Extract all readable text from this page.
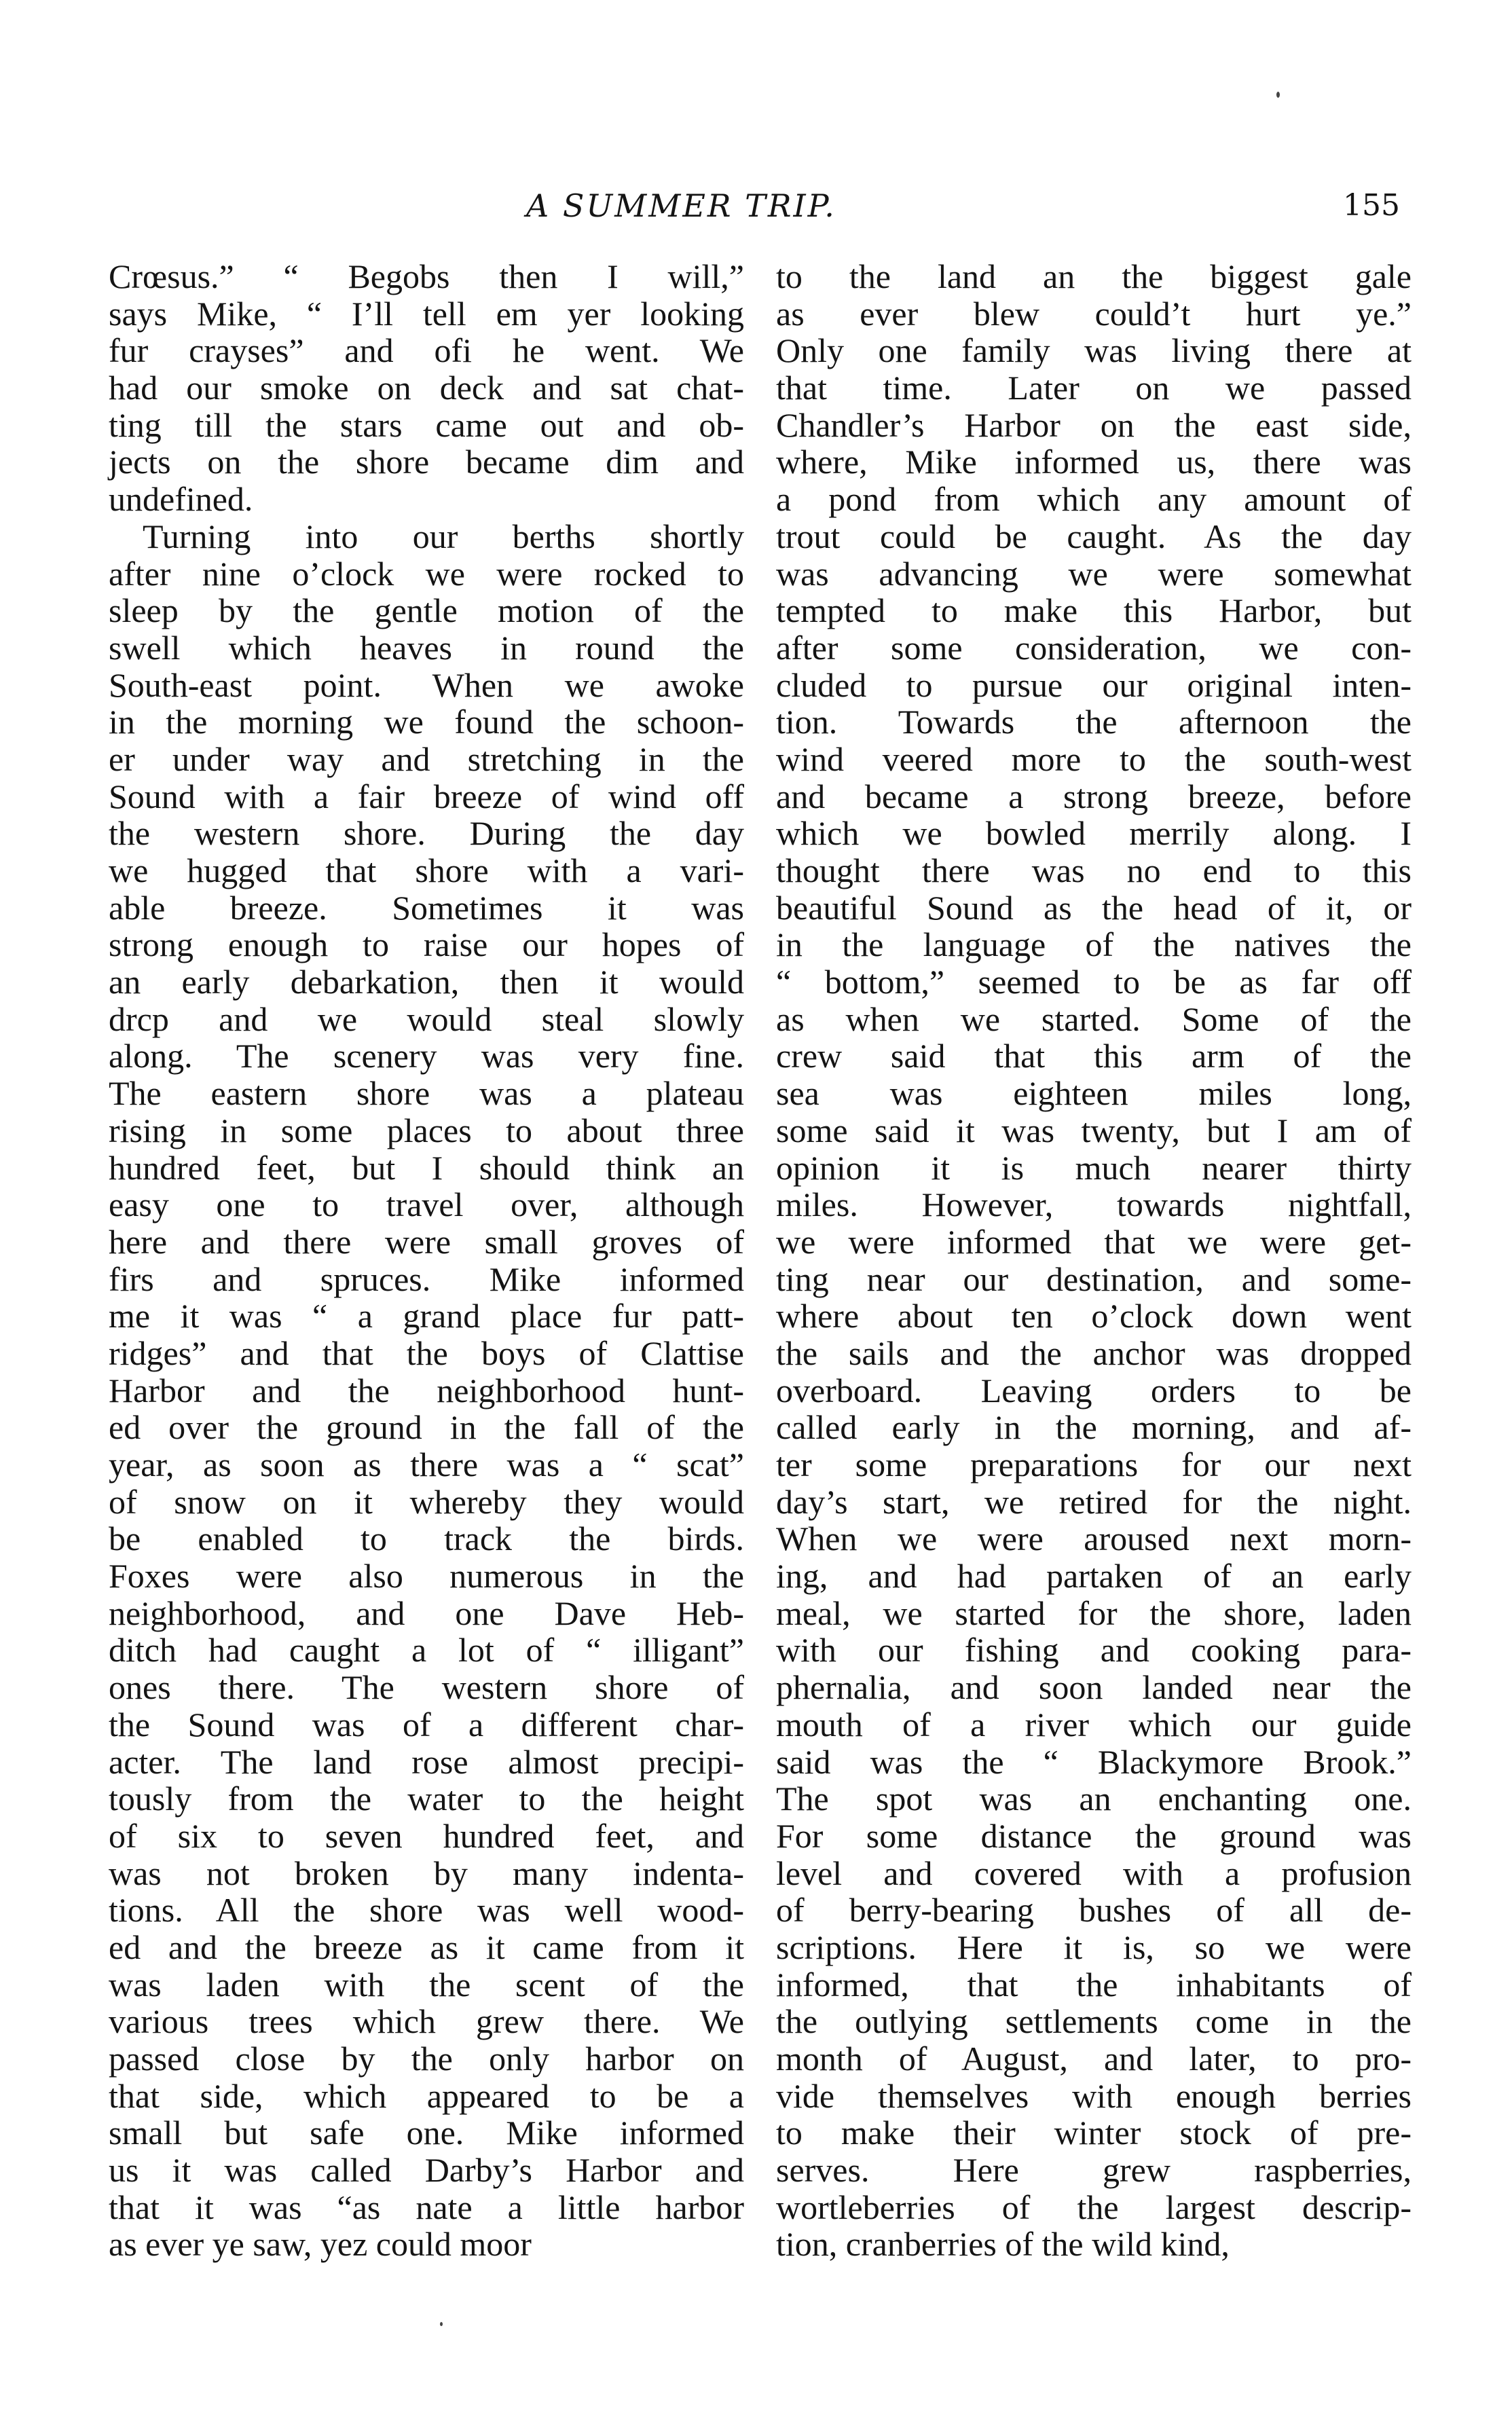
A SUMMER TRIP.	155
Crœsus.” “ Begobs then I will,”
says Mike, “ I’ll tell em yer looking
fur crayses” and ofi he went. We
had our smoke on deck and sat chat-
ting till the stars came out and ob-
jects on the shore became dim and
undefined.
Turning into our berths shortly
after nine o’clock we were rocked to
sleep by the gentle motion of the
swell which heaves in round the
South-east point. When we awoke
in the morning we found the schoon-
er under way and stretching in the
Sound with a fair breeze of wind off
the western shore. During the day
we hugged that shore with a vari-
able breeze. Sometimes it was
strong enough to raise our hopes of
an early debarkation, then it would
drcp and we would steal slowly
along. The scenery was very fine.
The eastern shore was a plateau
rising in some places to about three
hundred feet, but I should think an
easy one to travel over, although
here and there were small groves of
firs and spruces. Mike informed
me it was “ a grand place fur patt-
ridges” and that the boys of Clattise
Harbor and the neighborhood hunt-
ed over the ground in the fall of the
year, as soon as there was a “ scat”
of snow on it whereby they would
be enabled to track the birds.
Foxes were also numerous in the
neighborhood, and one Dave Heb-
ditch had caught a lot of “ illigant”
ones there. The western shore of
the Sound was of a different char-
acter. The land rose almost precipi-
tously from the water to the height
of six to seven hundred feet, and
was not broken by many indenta-
tions. All the shore was well wood-
ed and the breeze as it came from it
was laden with the scent of the
various trees which grew there. We
passed close by the only harbor on
that side, which appeared to be a
small but safe one. Mike informed
us it was called Darby’s Harbor and
that it was “as nate a little harbor
as ever ye saw, yez could moor
to the land an the biggest gale
as ever blew could’t hurt ye.”
Only one family was living there at
that time. Later on we passed
Chandler’s Harbor on the east side,
where, Mike informed us, there was
a pond from which any amount of
trout could be caught. As the day
was advancing we were somewhat
tempted to make this Harbor, but
after some consideration, we con-
cluded to pursue our original inten-
tion. Towards the afternoon the
wind veered more to the south-west
and became a strong breeze, before
which we bowled merrily along. I
thought there was no end to this
beautiful Sound as the head of it, or
in the language of the natives the
“ bottom,” seemed to be as far off
as when we started. Some of the
crew said that this arm of the
sea was eighteen miles long,
some said it was twenty, but I am of
opinion it is much nearer thirty
miles. However, towards nightfall,
we were informed that we were get-
ting near our destination, and some-
where about ten o’clock down went
the sails and the anchor was dropped
overboard. Leaving orders to be
called early in the morning, and af-
ter some preparations for our next
day’s start, we retired for the night.
When we were aroused next morn-
ing, and had partaken of an early
meal, we started for the shore, laden
with our fishing and cooking para-
phernalia, and soon landed near the
mouth of a river which our guide
said was the “ Blackymore Brook.”
The spot was an enchanting one.
For some distance the ground was
level and covered with a profusion
of berry-bearing bushes of all de-
scriptions. Here it is, so we were
informed, that the inhabitants of
the outlying settlements come in the
month of August, and later, to pro-
vide themselves with enough berries
to make their winter stock of pre-
serves. Here grew raspberries,
wortleberries of the largest descrip-
tion, cranberries of the wild kind,
